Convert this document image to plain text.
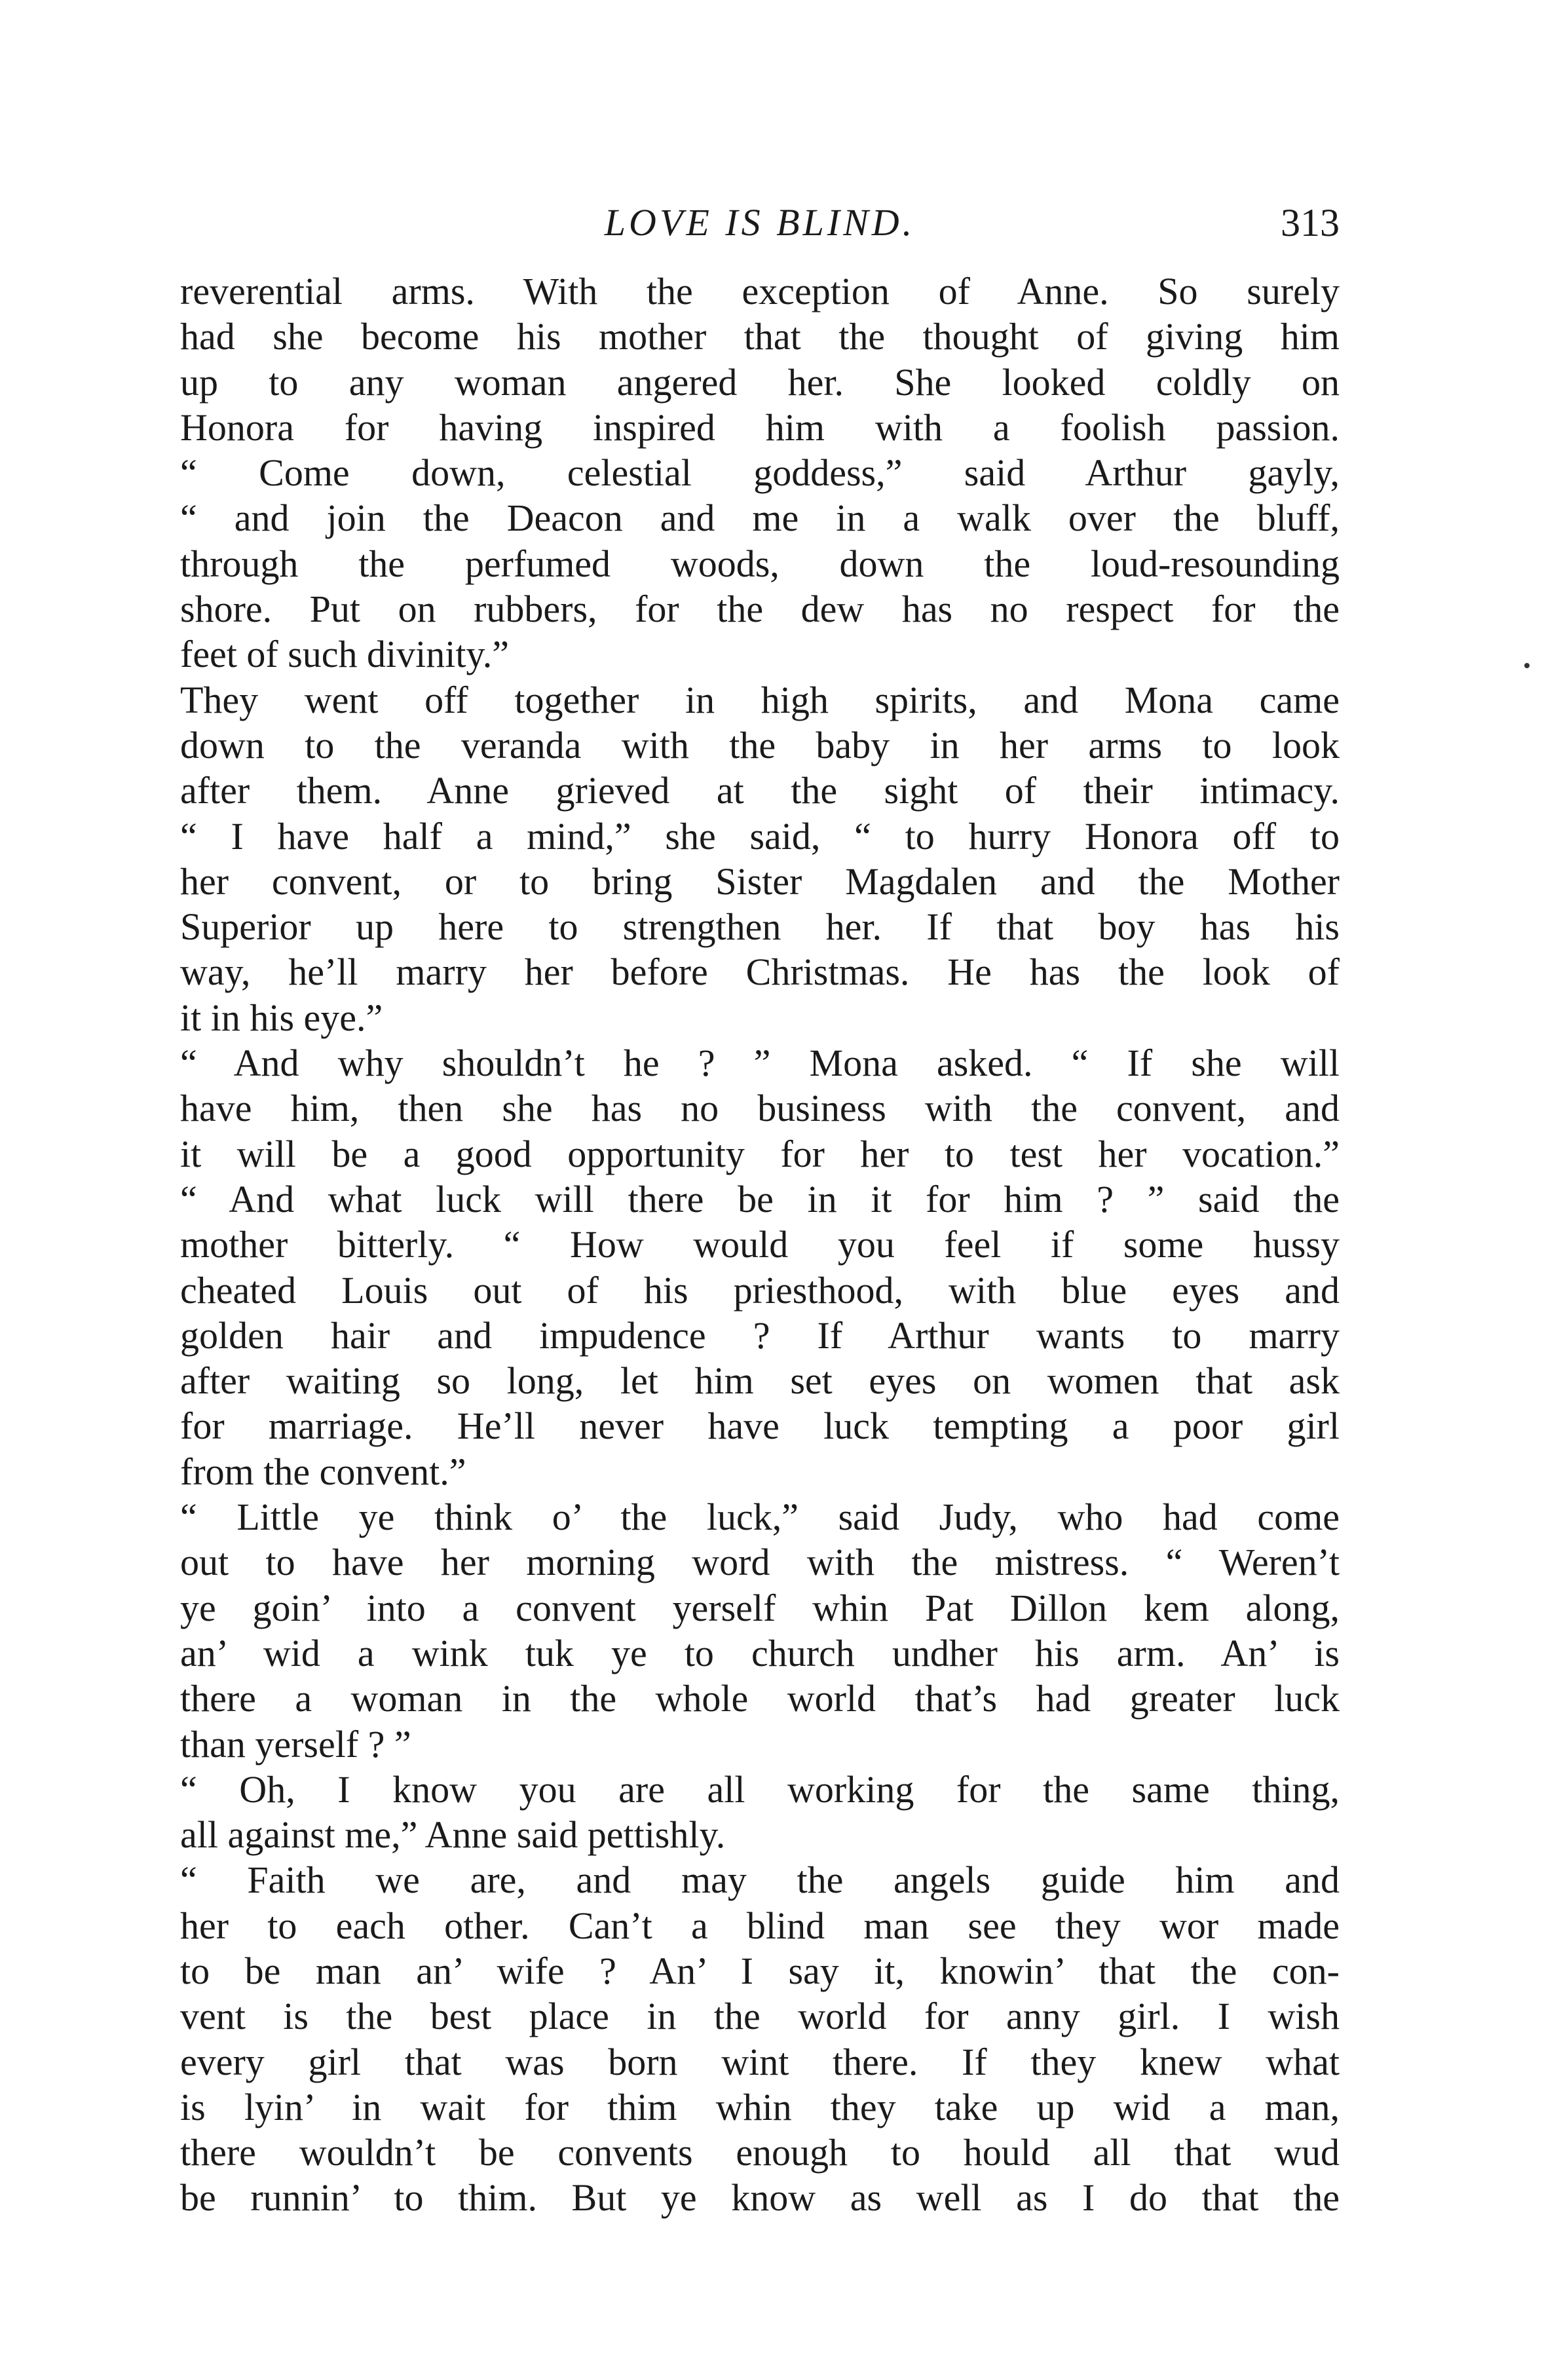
LOVE IS BLIND.	313
reverential arms. With the exception of Anne. So surely
had she become his mother that the thought of giving him
up to any woman angered her. She looked coldly on
Honora for having inspired him with a foolish passion.
“ Come down, celestial goddess,” said Arthur gayly,
“ and join the Deacon and me in a walk over the bluff,
through the perfumed woods, down the loud-resounding
shore. Put on rubbers, for the dew has no respect for the
feet of such divinity.”
They went off together in high spirits, and Mona came
down to the veranda with the baby in her arms to look
after them. Anne grieved at the sight of their intimacy.
“ I have half a mind,” she said, “ to hurry Honora off to
her convent, or to bring Sister Magdalen and the Mother
Superior up here to strengthen her. If that boy has his
way, he’ll marry her before Christmas. He has the look of
it in his eye.”
“ And why shouldn’t he ? ” Mona asked. “ If she will
have him, then she has no business with the convent, and
it will be a good opportunity for her to test her vocation.”
“ And what luck will there be in it for him ? ” said the
mother bitterly. “ How would you feel if some hussy
cheated Louis out of his priesthood, with blue eyes and
golden hair and impudence ? If Arthur wants to marry
after waiting so long, let him set eyes on women that ask
for marriage. He’ll never have luck tempting a poor girl
from the convent.”
“ Little ye think o’ the luck,” said Judy, who had come
out to have her morning word with the mistress. “ Weren’t
ye goin’ into a convent yerself whin Pat Dillon kem along,
an’ wid a wink tuk ye to church undher his arm. An’ is
there a woman in the whole world that’s had greater luck
than yerself ? ”
“ Oh, I know you are all working for the same thing,
all against me,” Anne said pettishly.
“ Faith we are, and may the angels guide him and
her to each other. Can’t a blind man see they wor made
to be man an’ wife ? An’ I say it, knowin’ that the con-
vent is the best place in the world for anny girl. I wish
every girl that was born wint there. If they knew what
is lyin’ in wait for thim whin they take up wid a man,
there wouldn’t be convents enough to hould all that wud
be runnin’ to thim. But ye know as well as I do that the
